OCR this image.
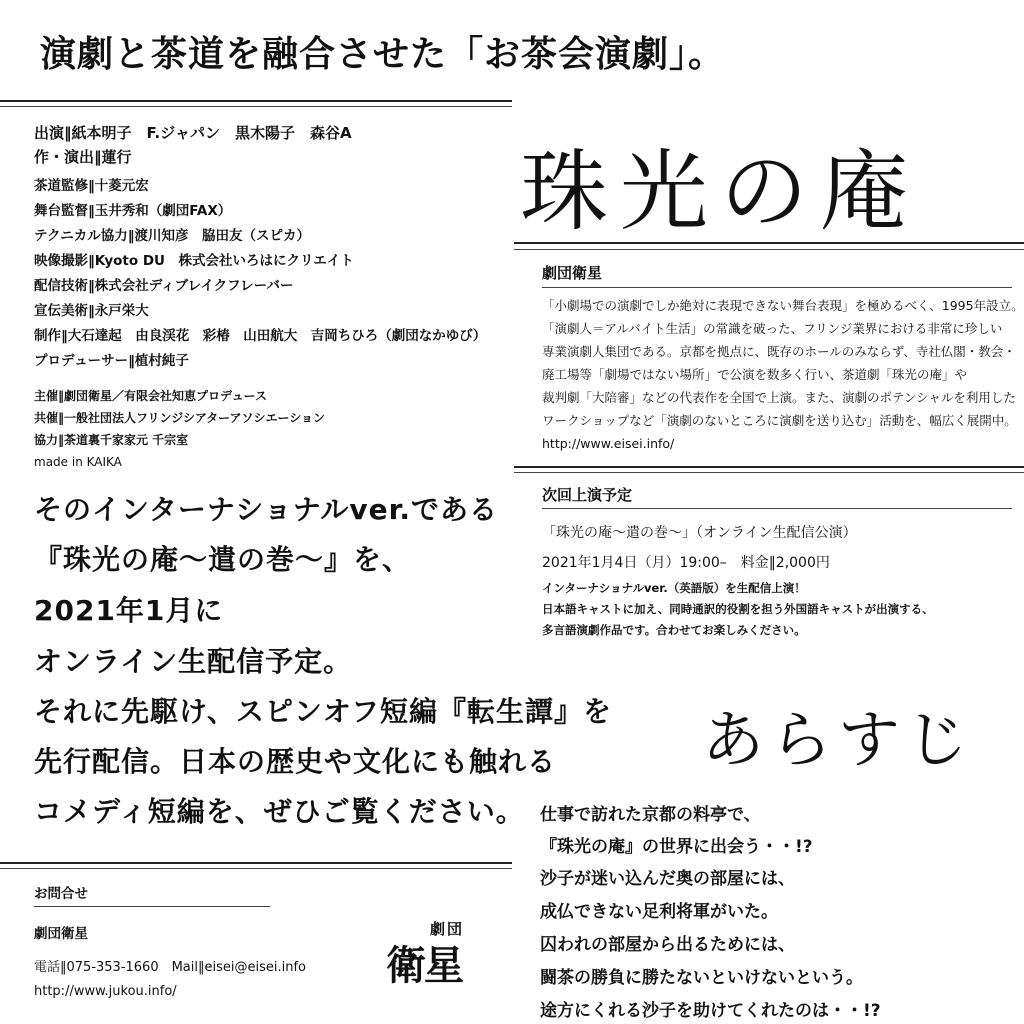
演劇と茶道を融合させた「お茶会演劇」。
出演‖紙本明子　F.ジャパン　黒木陽子　森谷A
作・演出‖蓮行
茶道監修‖十菱元宏
舞台監督‖玉井秀和（劇団FAX）
テクニカル協力‖渡川知彦　脇田友（スピカ）
映像撮影‖Kyoto DU　株式会社いろはにクリエイト
配信技術‖株式会社ディブレイクフレーバー
宣伝美術‖永戸栄大
制作‖大石達起　由良渓花　彩椿　山田航大　吉岡ちひろ（劇団なかゆび）
プロデューサー‖植村純子
主催‖劇団衛星／有限会社知恵プロデュース
共催‖一般社団法人フリンジシアターアソシエーション
協力‖茶道裏千家家元 千宗室
made in KAIKA
珠光の庵
劇団衛星
「小劇場での演劇でしか絶対に表現できない舞台表現」を極めるべく、1995年設立。
「演劇人＝アルバイト生活」の常識を破った、フリンジ業界における非常に珍しい
専業演劇人集団である。京都を拠点に、既存のホールのみならず、寺社仏閣・教会・
廃工場等「劇場ではない場所」で公演を数多く行い、茶道劇「珠光の庵」や
裁判劇「大陪審」などの代表作を全国で上演。また、演劇のポテンシャルを利用した
ワークショップなど「演劇のないところに演劇を送り込む」活動を、幅広く展開中。
http://www.eisei.info/
次回上演予定
「珠光の庵～遣の巻～」（オンライン生配信公演）
2021年1月4日（月）19:00–　料金‖2,000円
インターナショナルver.（英語版）を生配信上演！
日本語キャストに加え、同時通訳的役割を担う外国語キャストが出演する、
多言語演劇作品です。合わせてお楽しみください。
そのインターナショナルver.である
『珠光の庵～遣の巻～』を、
2021年1月に
オンライン生配信予定。
それに先駆け、スピンオフ短編『転生譚』を
先行配信。日本の歴史や文化にも触れる
コメディ短編を、ぜひご覧ください。
あらすじ
仕事で訪れた京都の料亭で、
『珠光の庵』の世界に出会う・・!?
沙子が迷い込んだ奥の部屋には、
成仏できない足利将軍がいた。
囚われの部屋から出るためには、
闘茶の勝負に勝たないといけないという。
途方にくれる沙子を助けてくれたのは・・!?
お問合せ
劇団衛星
電話‖075-353-1660　Mail‖eisei@eisei.info
http://www.jukou.info/
劇団
衛星
